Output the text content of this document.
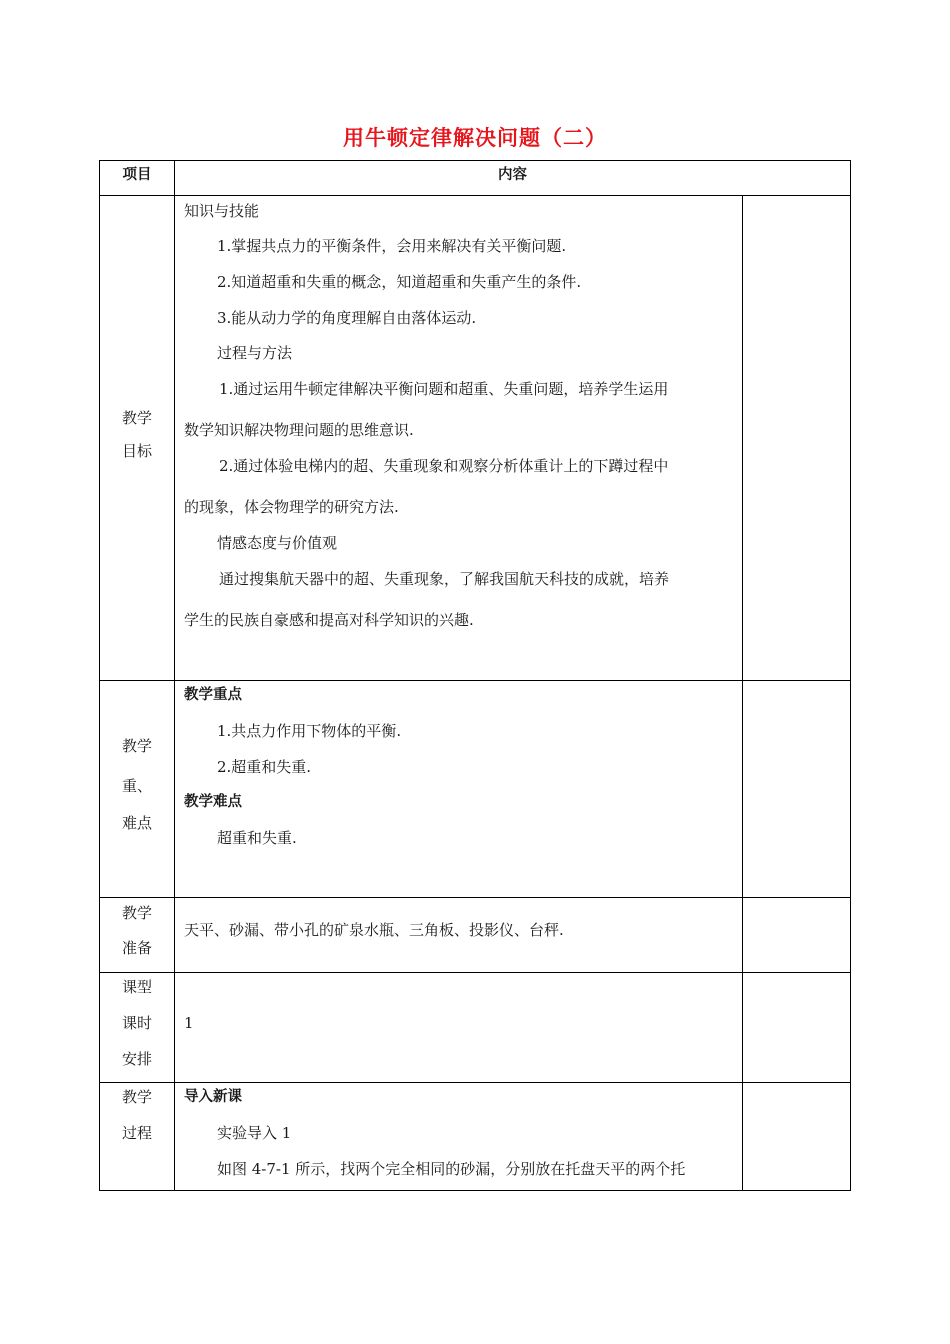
用牛顿定律解决问题（二）
项目	内容
教学
目标
知识与技能
1.掌握共点力的平衡条件，会用来解决有关平衡问题.
2.知道超重和失重的概念，知道超重和失重产生的条件.
3.能从动力学的角度理解自由落体运动.
过程与方法
1.通过运用牛顿定律解决平衡问题和超重、失重问题，培养学生运用
数学知识解决物理问题的思维意识.
2.通过体验电梯内的超、失重现象和观察分析体重计上的下蹲过程中
的现象，体会物理学的研究方法.
情感态度与价值观
通过搜集航天器中的超、失重现象，了解我国航天科技的成就，培养
学生的民族自豪感和提高对科学知识的兴趣.
教学
重、
难点
教学重点
1.共点力作用下物体的平衡.
2.超重和失重.
教学难点
超重和失重.
教学
准备
天平、砂漏、带小孔的矿泉水瓶、三角板、投影仪、台秤.
课型
课时
安排
1
教学
过程
导入新课
实验导入 1
如图 4-7-1 所示，找两个完全相同的砂漏，分别放在托盘天平的两个托
